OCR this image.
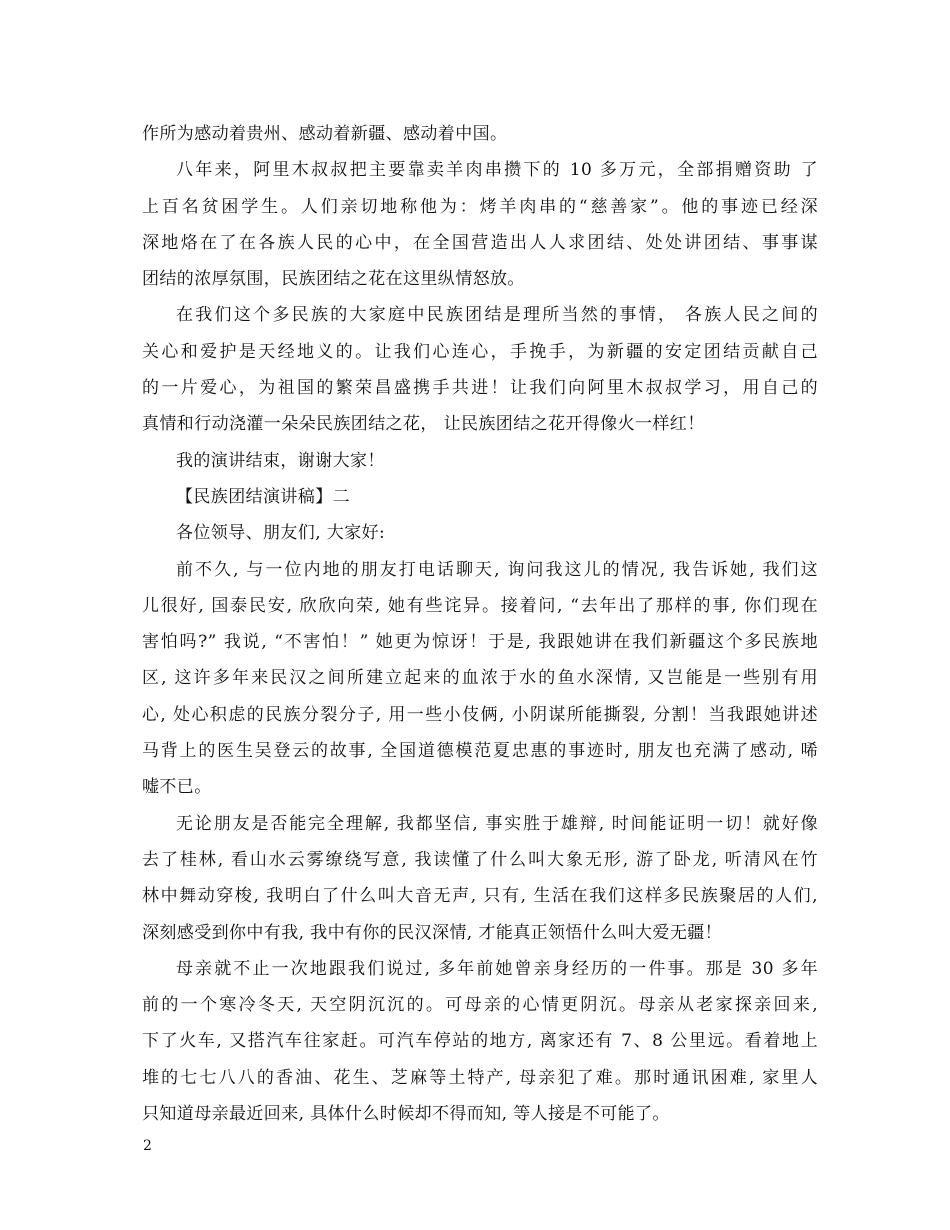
作所为感动着贵州、感动着新疆、感动着中国。
八年来，阿里木叔叔把主要靠卖羊肉串攒下的 10 多万元，全部捐赠资助 了
上百名贫困学生。人们亲切地称他为：烤羊肉串的“慈善家”。他的事迹已经深
深地烙在了在各族人民的心中，在全国营造出人人求团结、处处讲团结、事事谋
团结的浓厚氛围，民族团结之花在这里纵情怒放。
在我们这个多民族的大家庭中民族团结是理所当然的事情， 各族人民之间的
关心和爱护是天经地义的。让我们心连心，手挽手，为新疆的安定团结贡献自己
的一片爱心，为祖国的繁荣昌盛携手共进！让我们向阿里木叔叔学习，用自己的
真情和行动浇灌一朵朵民族团结之花， 让民族团结之花开得像火一样红！
我的演讲结束，谢谢大家！
【民族团结演讲稿】二
各位领导、朋友们, 大家好:
前不久, 与一位内地的朋友打电话聊天, 询问我这儿的情况, 我告诉她, 我们这
儿很好, 国泰民安, 欣欣向荣, 她有些诧异。接着问, “去年出了那样的事, 你们现在
害怕吗?” 我说, “不害怕！” 她更为惊讶！于是, 我跟她讲在我们新疆这个多民族地
区, 这许多年来民汉之间所建立起来的血浓于水的鱼水深情, 又岂能是一些别有用
心, 处心积虑的民族分裂分子, 用一些小伎俩, 小阴谋所能撕裂, 分割！当我跟她讲述
马背上的医生吴登云的故事, 全国道德模范夏忠惠的事迹时, 朋友也充满了感动, 唏
嘘不已。
无论朋友是否能完全理解, 我都坚信, 事实胜于雄辩, 时间能证明一切！就好像
去了桂林, 看山水云雾缭绕写意, 我读懂了什么叫大象无形, 游了卧龙, 听清风在竹
林中舞动穿梭, 我明白了什么叫大音无声, 只有, 生活在我们这样多民族聚居的人们,
深刻感受到你中有我, 我中有你的民汉深情, 才能真正领悟什么叫大爱无疆！
母亲就不止一次地跟我们说过, 多年前她曾亲身经历的一件事。那是 30 多年
前的一个寒冷冬天, 天空阴沉沉的。可母亲的心情更阴沉。母亲从老家探亲回来,
下了火车, 又搭汽车往家赶。可汽车停站的地方, 离家还有 7、8 公里远。看着地上
堆的七七八八的香油、花生、芝麻等土特产, 母亲犯了难。那时通讯困难, 家里人
只知道母亲最近回来, 具体什么时候却不得而知, 等人接是不可能了。
2
